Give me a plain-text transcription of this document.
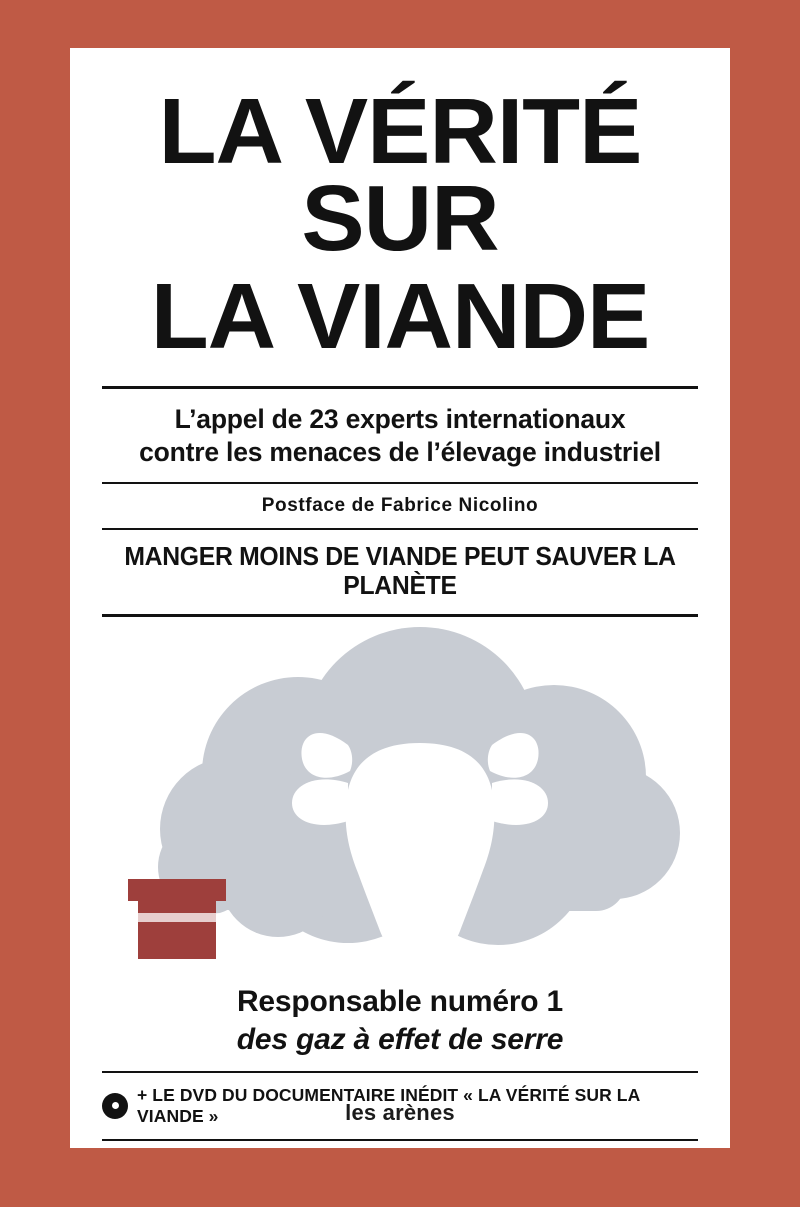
LA VÉRITÉ SUR
LA VIANDE
L’appel de 23 experts internationaux
contre les menaces de l’élevage industriel
Postface de Fabrice Nicolino
MANGER MOINS DE VIANDE PEUT SAUVER LA PLANÈTE
Responsable numéro 1
des gaz à effet de serre
+ LE DVD DU DOCUMENTAIRE INÉDIT « LA VÉRITÉ SUR LA VIANDE »	les arènes
